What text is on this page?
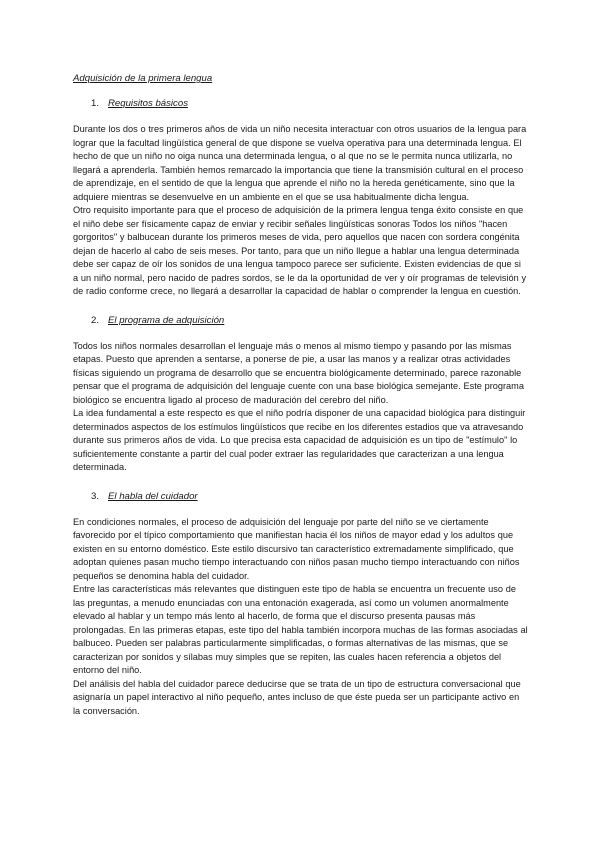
Adquisición de la primera lengua
1. Requisitos básicos

Durante los dos o tres primeros años de vida un niño necesita interactuar con otros usuarios de la lengua para lograr que la facultad lingüística general de que dispone se vuelva operativa para una determinada lengua. El hecho de que un niño no oiga nunca una determinada lengua, o al que no se le permita nunca utilizarla, no llegará a aprenderla. También hemos remarcado la importancia que tiene la transmisión cultural en el proceso de aprendizaje, en el sentido de que la lengua que aprende el niño no la hereda genéticamente, sino que la adquiere mientras se desenvuelve en un ambiente en el que se usa habitualmente dicha lengua.

Otro requisito importante para que el proceso de adquisición de la primera lengua tenga éxito consiste en que el niño debe ser físicamente capaz de enviar y recibir señales lingüísticas sonoras Todos los niños "hacen gorgoritos" y balbucean durante los primeros meses de vida, pero aquellos que nacen con sordera congénita dejan de hacerlo al cabo de seis meses. Por tanto, para que un niño llegue a hablar una lengua determinada debe ser capaz de oír los sonidos de una lengua tampoco parece ser suficiente. Existen evidencias de que si a un niño normal, pero nacido de padres sordos, se le da la oportunidad de ver y oír programas de televisión y de radio conforme crece, no llegará a desarrollar la capacidad de hablar o comprender la lengua en cuestión.

2. El programa de adquisición

Todos los niños normales desarrollan el lenguaje más o menos al mismo tiempo y pasando por las mismas etapas. Puesto que aprenden a sentarse, a ponerse de pie, a usar las manos y a realizar otras actividades físicas siguiendo un programa de desarrollo que se encuentra biológicamente determinado, parece razonable pensar que el programa de adquisición del lenguaje cuente con una base biológica semejante. Este programa biológico se encuentra ligado al proceso de maduración del cerebro del niño.

La idea fundamental a este respecto es que el niño podría disponer de una capacidad biológica para distinguir determinados aspectos de los estímulos lingüísticos que recibe en los diferentes estadios que va atravesando durante sus primeros años de vida. Lo que precisa esta capacidad de adquisición es un tipo de "estímulo" lo suficientemente constante a partir del cual poder extraer las regularidades que caracterizan a una lengua determinada.

3. El habla del cuidador

En condiciones normales, el proceso de adquisición del lenguaje por parte del niño se ve ciertamente favorecido por el típico comportamiento que manifiestan hacia él los niños de mayor edad y los adultos que existen en su entorno doméstico. Este estilo discursivo tan característico extremadamente simplificado, que adoptan quienes pasan mucho tiempo interactuando con niños pasan mucho tiempo interactuando con niños pequeños se denomina habla del cuidador.

Entre las características más relevantes que distinguen este tipo de habla se encuentra un frecuente uso de las preguntas, a menudo enunciadas con una entonación exagerada, así como un volumen anormalmente elevado al hablar y un tempo más lento al hacerlo, de forma que el discurso presenta pausas más prolongadas. En las primeras etapas, este tipo del habla también incorpora muchas de las formas asociadas al balbuceo. Pueden ser palabras particularmente simplificadas, o formas alternativas de las mismas, que se caracterizan por sonidos y sílabas muy simples que se repiten, las cuales hacen referencia a objetos del entorno del niño.

Del análisis del habla del cuidador parece deducirse que se trata de un tipo de estructura conversacional que asignaría un papel interactivo al niño pequeño, antes incluso de que éste pueda ser un participante activo en la conversación.
